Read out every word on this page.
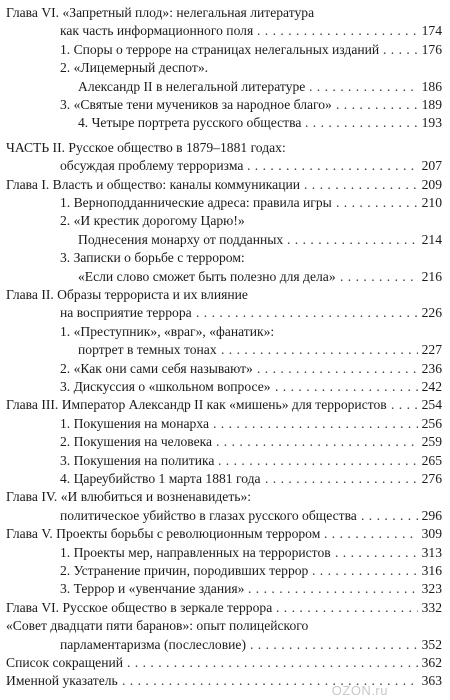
Глава VI. «Запретный плод»: нелегальная литература
как часть информационного поля . . .	174
1. Споры о терроре на страницах нелегальных изданий . . .	176
2. «Лицемерный деспот».
Александр II в нелегальной литературе . . .	186
3. «Святые тени мучеников за народное благо» . . .	189
4. Четыре портрета русского общества . . .	193
ЧАСТЬ II. Русское общество в 1879–1881 годах:
обсуждая проблему терроризма . . .	207
Глава I. Власть и общество: каналы коммуникации . . .	209
1. Верноподданнические адреса: правила игры . . .	210
2. «И крестик дорогому Царю!»
Поднесения монарху от подданных . . .	214
3. Записки о борьбе с террором:
«Если слово сможет быть полезно для дела» . . .	216
Глава II. Образы террориста и их влияние
на восприятие террора . . .	226
1. «Преступник», «враг», «фанатик»:
портрет в темных тонах . . .	227
2. «Как они сами себя называют» . . .	236
3. Дискуссия о «школьном вопросе» . . .	242
Глава III. Император Александр II как «мишень» для террористов . . .	254
1. Покушения на монарха . . .	256
2. Покушения на человека . . .	259
3. Покушения на политика . . .	265
4. Цареубийство 1 марта 1881 года . . .	276
Глава IV. «И влюбиться и возненавидеть»:
политическое убийство в глазах русского общества . . .	296
Глава V. Проекты борьбы с революционным террором . . .	309
1. Проекты мер, направленных на террористов . . .	313
2. Устранение причин, породивших террор . . .	316
3. Террор и «увенчание здания» . . .	323
Глава VI. Русское общество в зеркале террора . . .	332
«Совет двадцати пяти баранов»: опыт полицейского
парламентаризма (послесловие) . . .	352
Список сокращений . . .	362
Именной указатель . . .	363
OZON.ru
